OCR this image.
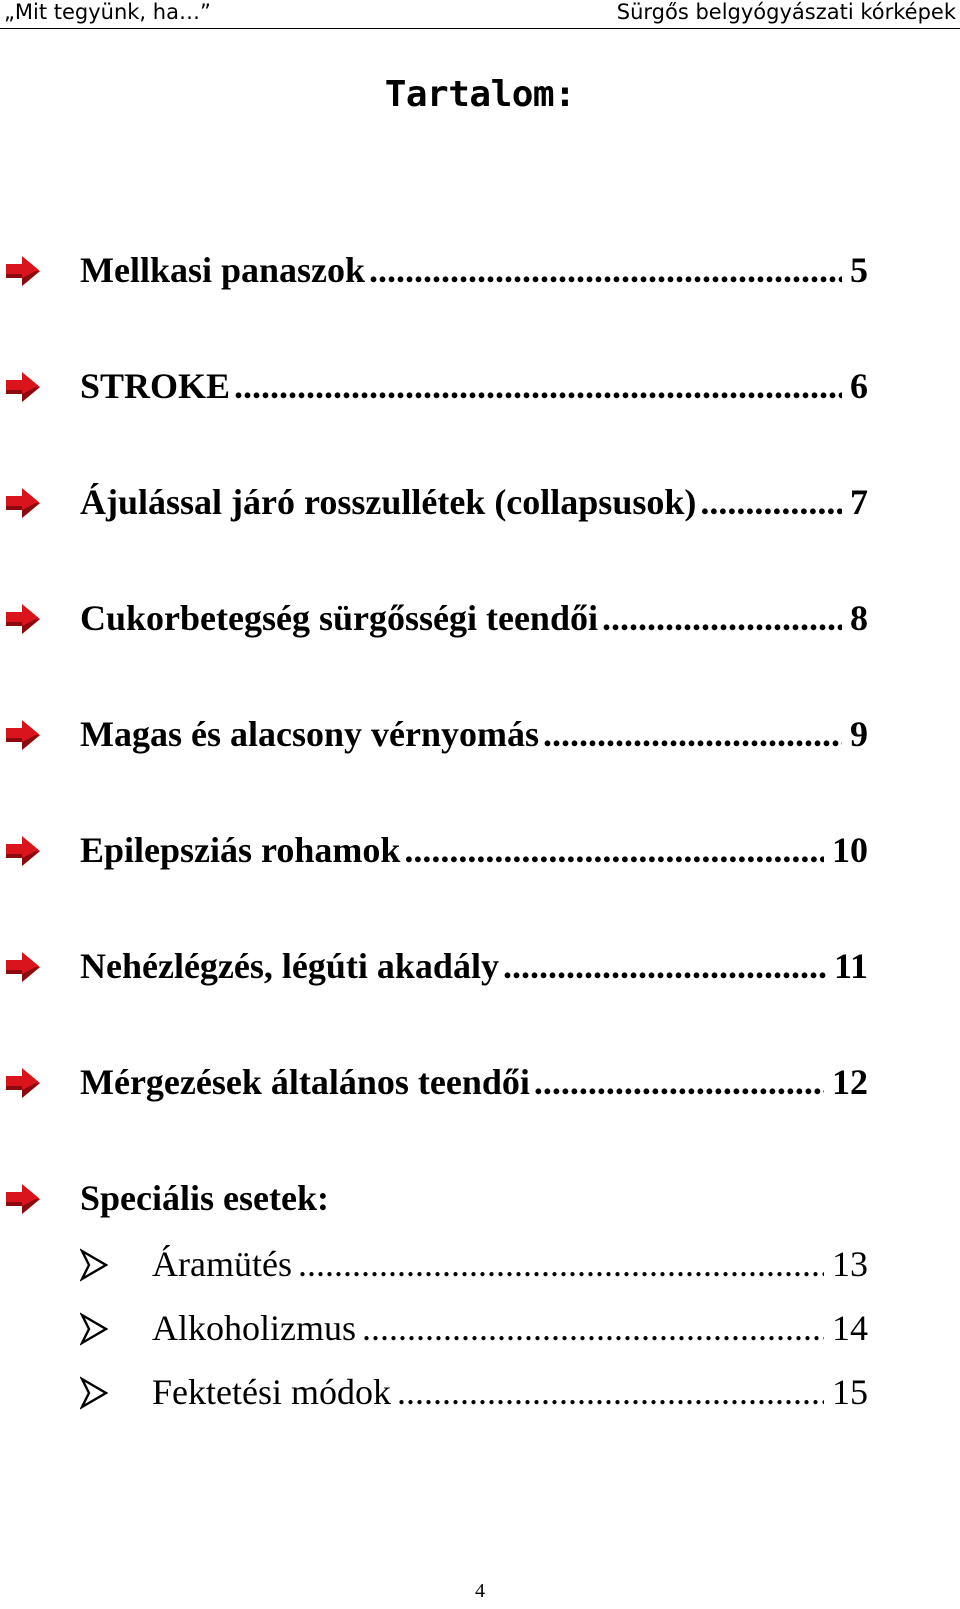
„Mit tegyünk, ha…”	Sürgős belgyógyászati kórképek
Tartalom:
Mellkasi panaszok .....	5
STROKE .....	6
Ájulással járó rosszullétek (collapsusok) .....	7
Cukorbetegség sürgősségi teendői .....	8
Magas és alacsony vérnyomás .....	9
Epilepsziás rohamok .....	10
Nehézlégzés, légúti akadály .....	11
Mérgezések általános teendői .....	12
Speciális esetek:
Áramütés .....	13
Alkoholizmus .....	14
Fektetési módok .....	15
4
